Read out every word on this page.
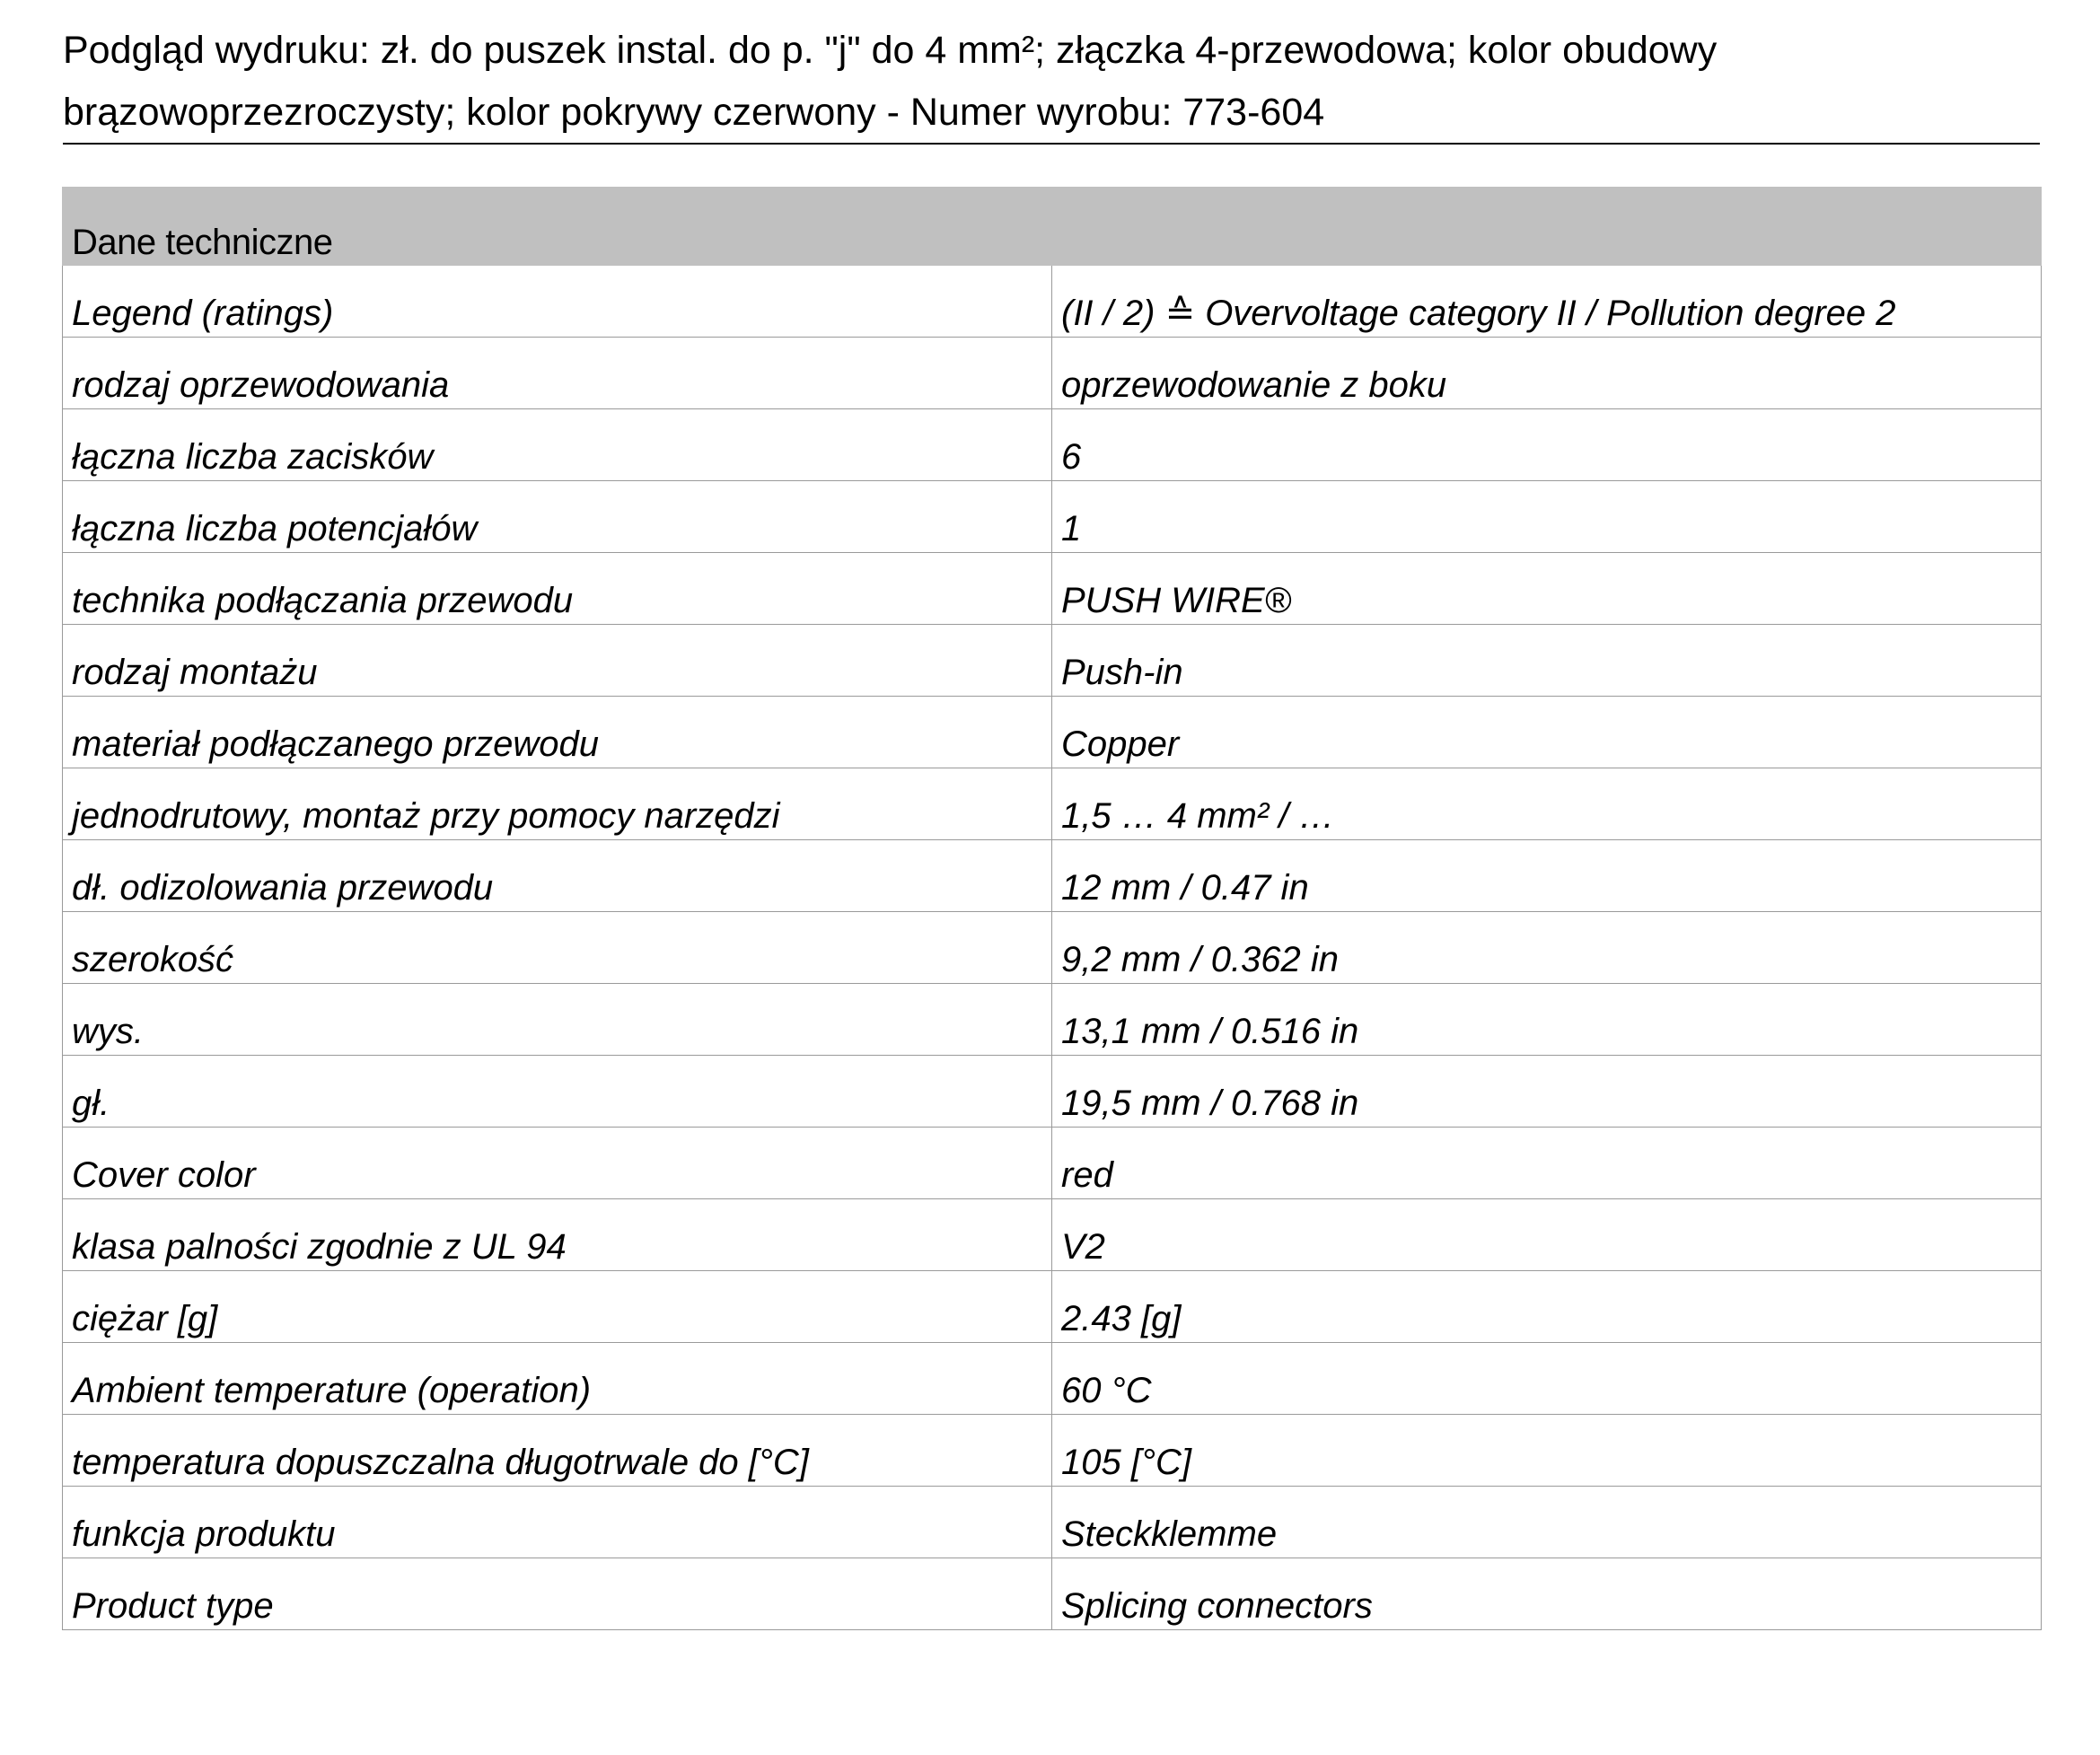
Podgląd wydruku: zł. do puszek instal. do p. "j" do 4 mm²; złączka 4-przewodowa; kolor obudowy brązowoprzezroczysty; kolor pokrywy czerwony - Numer wyrobu: 773-604
Dane techniczne	
Legend (ratings)	(II / 2) ≙ Overvoltage category II / Pollution degree 2
rodzaj oprzewodowania	oprzewodowanie z boku
łączna liczba zacisków	6
łączna liczba potencjałów	1
technika podłączania przewodu	PUSH WIRE®
rodzaj montażu	Push-in
materiał podłączanego przewodu	Copper
jednodrutowy, montaż przy pomocy narzędzi	1,5 … 4 mm² / …
dł. odizolowania przewodu	12 mm / 0.47 in
szerokość	9,2 mm / 0.362 in
wys.	13,1 mm / 0.516 in
gł.	19,5 mm / 0.768 in
Cover color	red
klasa palności zgodnie z UL 94	V2
ciężar [g]	2.43 [g]
Ambient temperature (operation)	60 °C
temperatura dopuszczalna długotrwale do [°C]	105 [°C]
funkcja produktu	Steckklemme
Product type	Splicing connectors
